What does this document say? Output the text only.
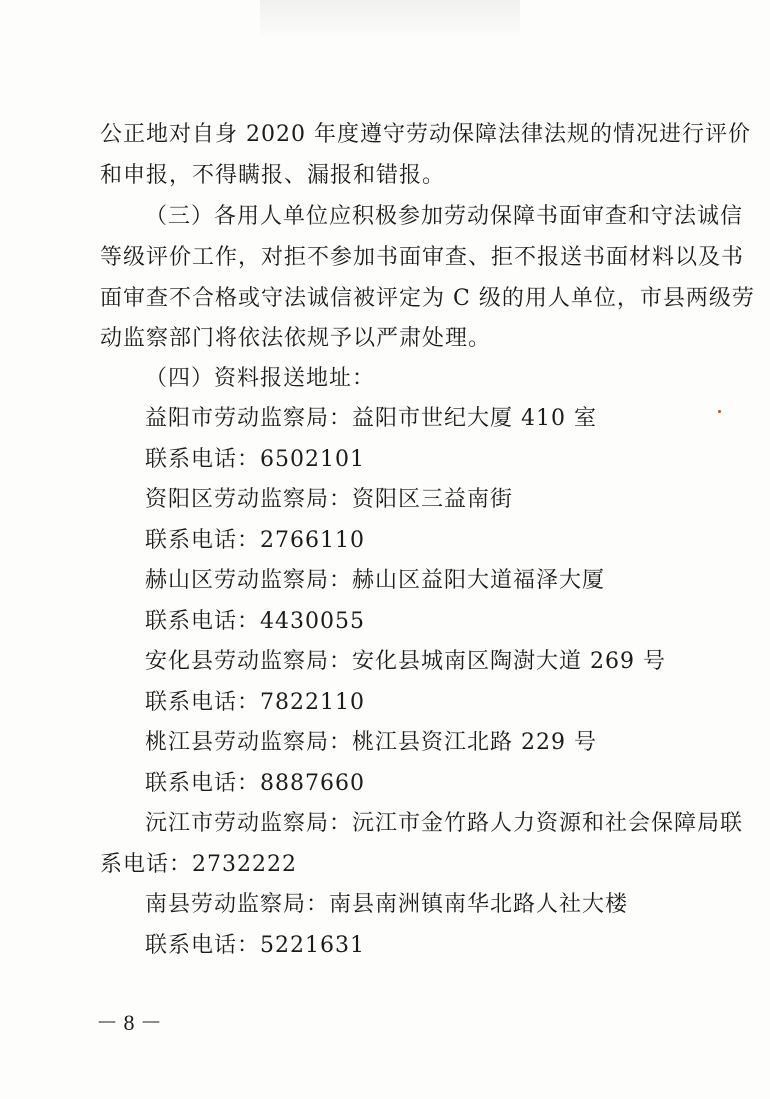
公正地对自身 2020 年度遵守劳动保障法律法规的情况进行评价
和申报，不得瞒报、漏报和错报。
（三）各用人单位应积极参加劳动保障书面审查和守法诚信
等级评价工作，对拒不参加书面审查、拒不报送书面材料以及书
面审查不合格或守法诚信被评定为 C 级的用人单位，市县两级劳
动监察部门将依法依规予以严肃处理。
（四）资料报送地址：
益阳市劳动监察局：益阳市世纪大厦 410 室
联系电话：6502101
资阳区劳动监察局：资阳区三益南街
联系电话：2766110
赫山区劳动监察局：赫山区益阳大道福泽大厦
联系电话：4430055
安化县劳动监察局：安化县城南区陶澍大道 269 号
联系电话：7822110
桃江县劳动监察局：桃江县资江北路 229 号
联系电话：8887660
沅江市劳动监察局：沅江市金竹路人力资源和社会保障局联
系电话：2732222
南县劳动监察局：南县南洲镇南华北路人社大楼
联系电话：5221631
－ 8 －
